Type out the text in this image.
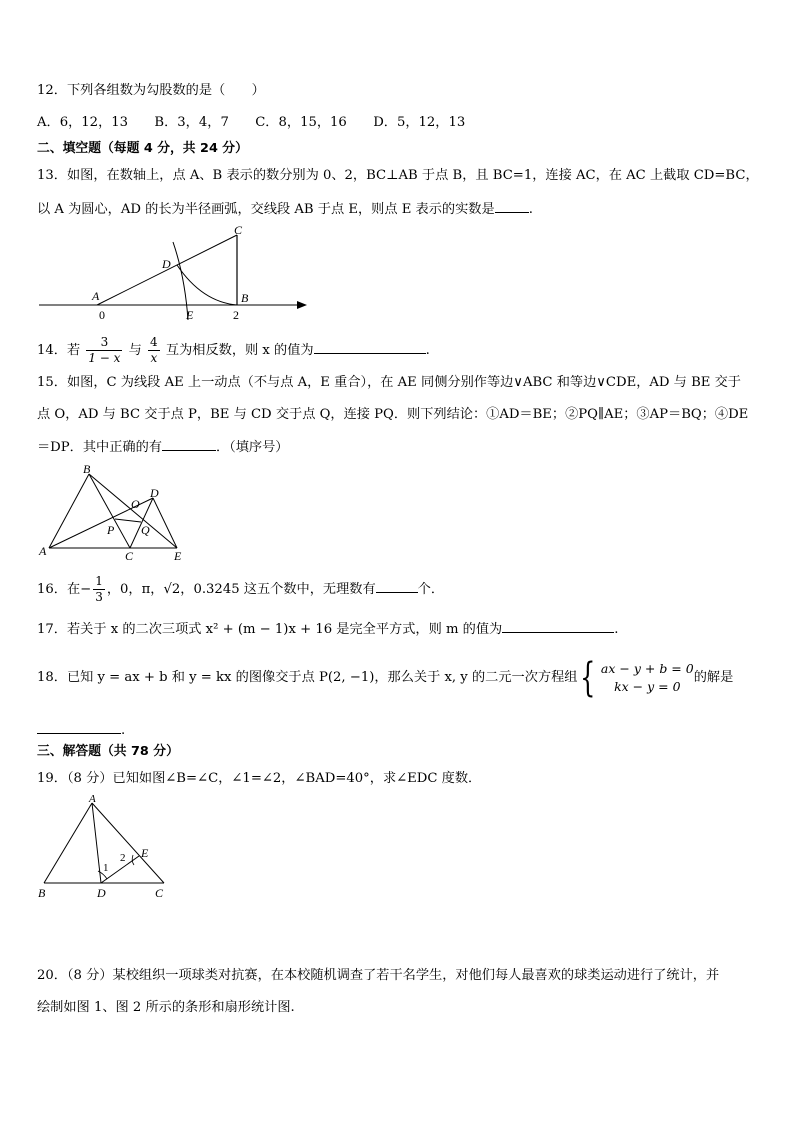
12．下列各组数为勾股数的是（　　）
A．6，12，13　　B．3，4，7　　C．8，15，16　　D．5，12，13
二、填空题（每题 4 分，共 24 分）
13．如图，在数轴上，点 A、B 表示的数分别为 0、2，BC⊥AB 于点 B，且 BC=1，连接 AC，在 AC 上截取 CD=BC，
以 A 为圆心，AD 的长为半径画弧，交线段 AB 于点 E，则点 E 表示的实数是	.
C
D
A	B
E
0	2
14．若 $\frac{3}{1 - x}$ 与 $\frac{4}{x}$ 互为相反数，则 x 的值为	.
15．如图，C 为线段 AE 上一动点（不与点 A，E 重合），在 AE 同侧分别作等边∨ABC 和等边∨CDE，AD 与 BE 交于
点 O，AD 与 BC 交于点 P，BE 与 CD 交于点 Q，连接 PQ．则下列结论：①AD＝BE；②PQ∥AE；③AP＝BQ；④DE
＝DP．其中正确的有	．（填序号）
B
D
O
P Q
A	C	E
16．在− $\frac{1}{3}$ ，0，π，√2，0.3245 这五个数中，无理数有	个．
17．若关于 x 的二次三项式 x² + (m − 1)x + 16 是完全平方式，则 m 的值为	.
18．已知 y = ax + b 和 y = kx 的图像交于点 P(2, −1)，那么关于 x, y 的二元一次方程组{ ax − y + b = 0
kx − y = 0
的解是
.
三、解答题（共 78 分）
19．（8 分）已知如图∠B=∠C，∠1=∠2，∠BAD=40°，求∠EDC 度数．
A
B	C
D
E
1
2
20．（8 分）某校组织一项球类对抗赛，在本校随机调查了若干名学生，对他们每人最喜欢的球类运动进行了统计，并
绘制如图 1、图 2 所示的条形和扇形统计图.
